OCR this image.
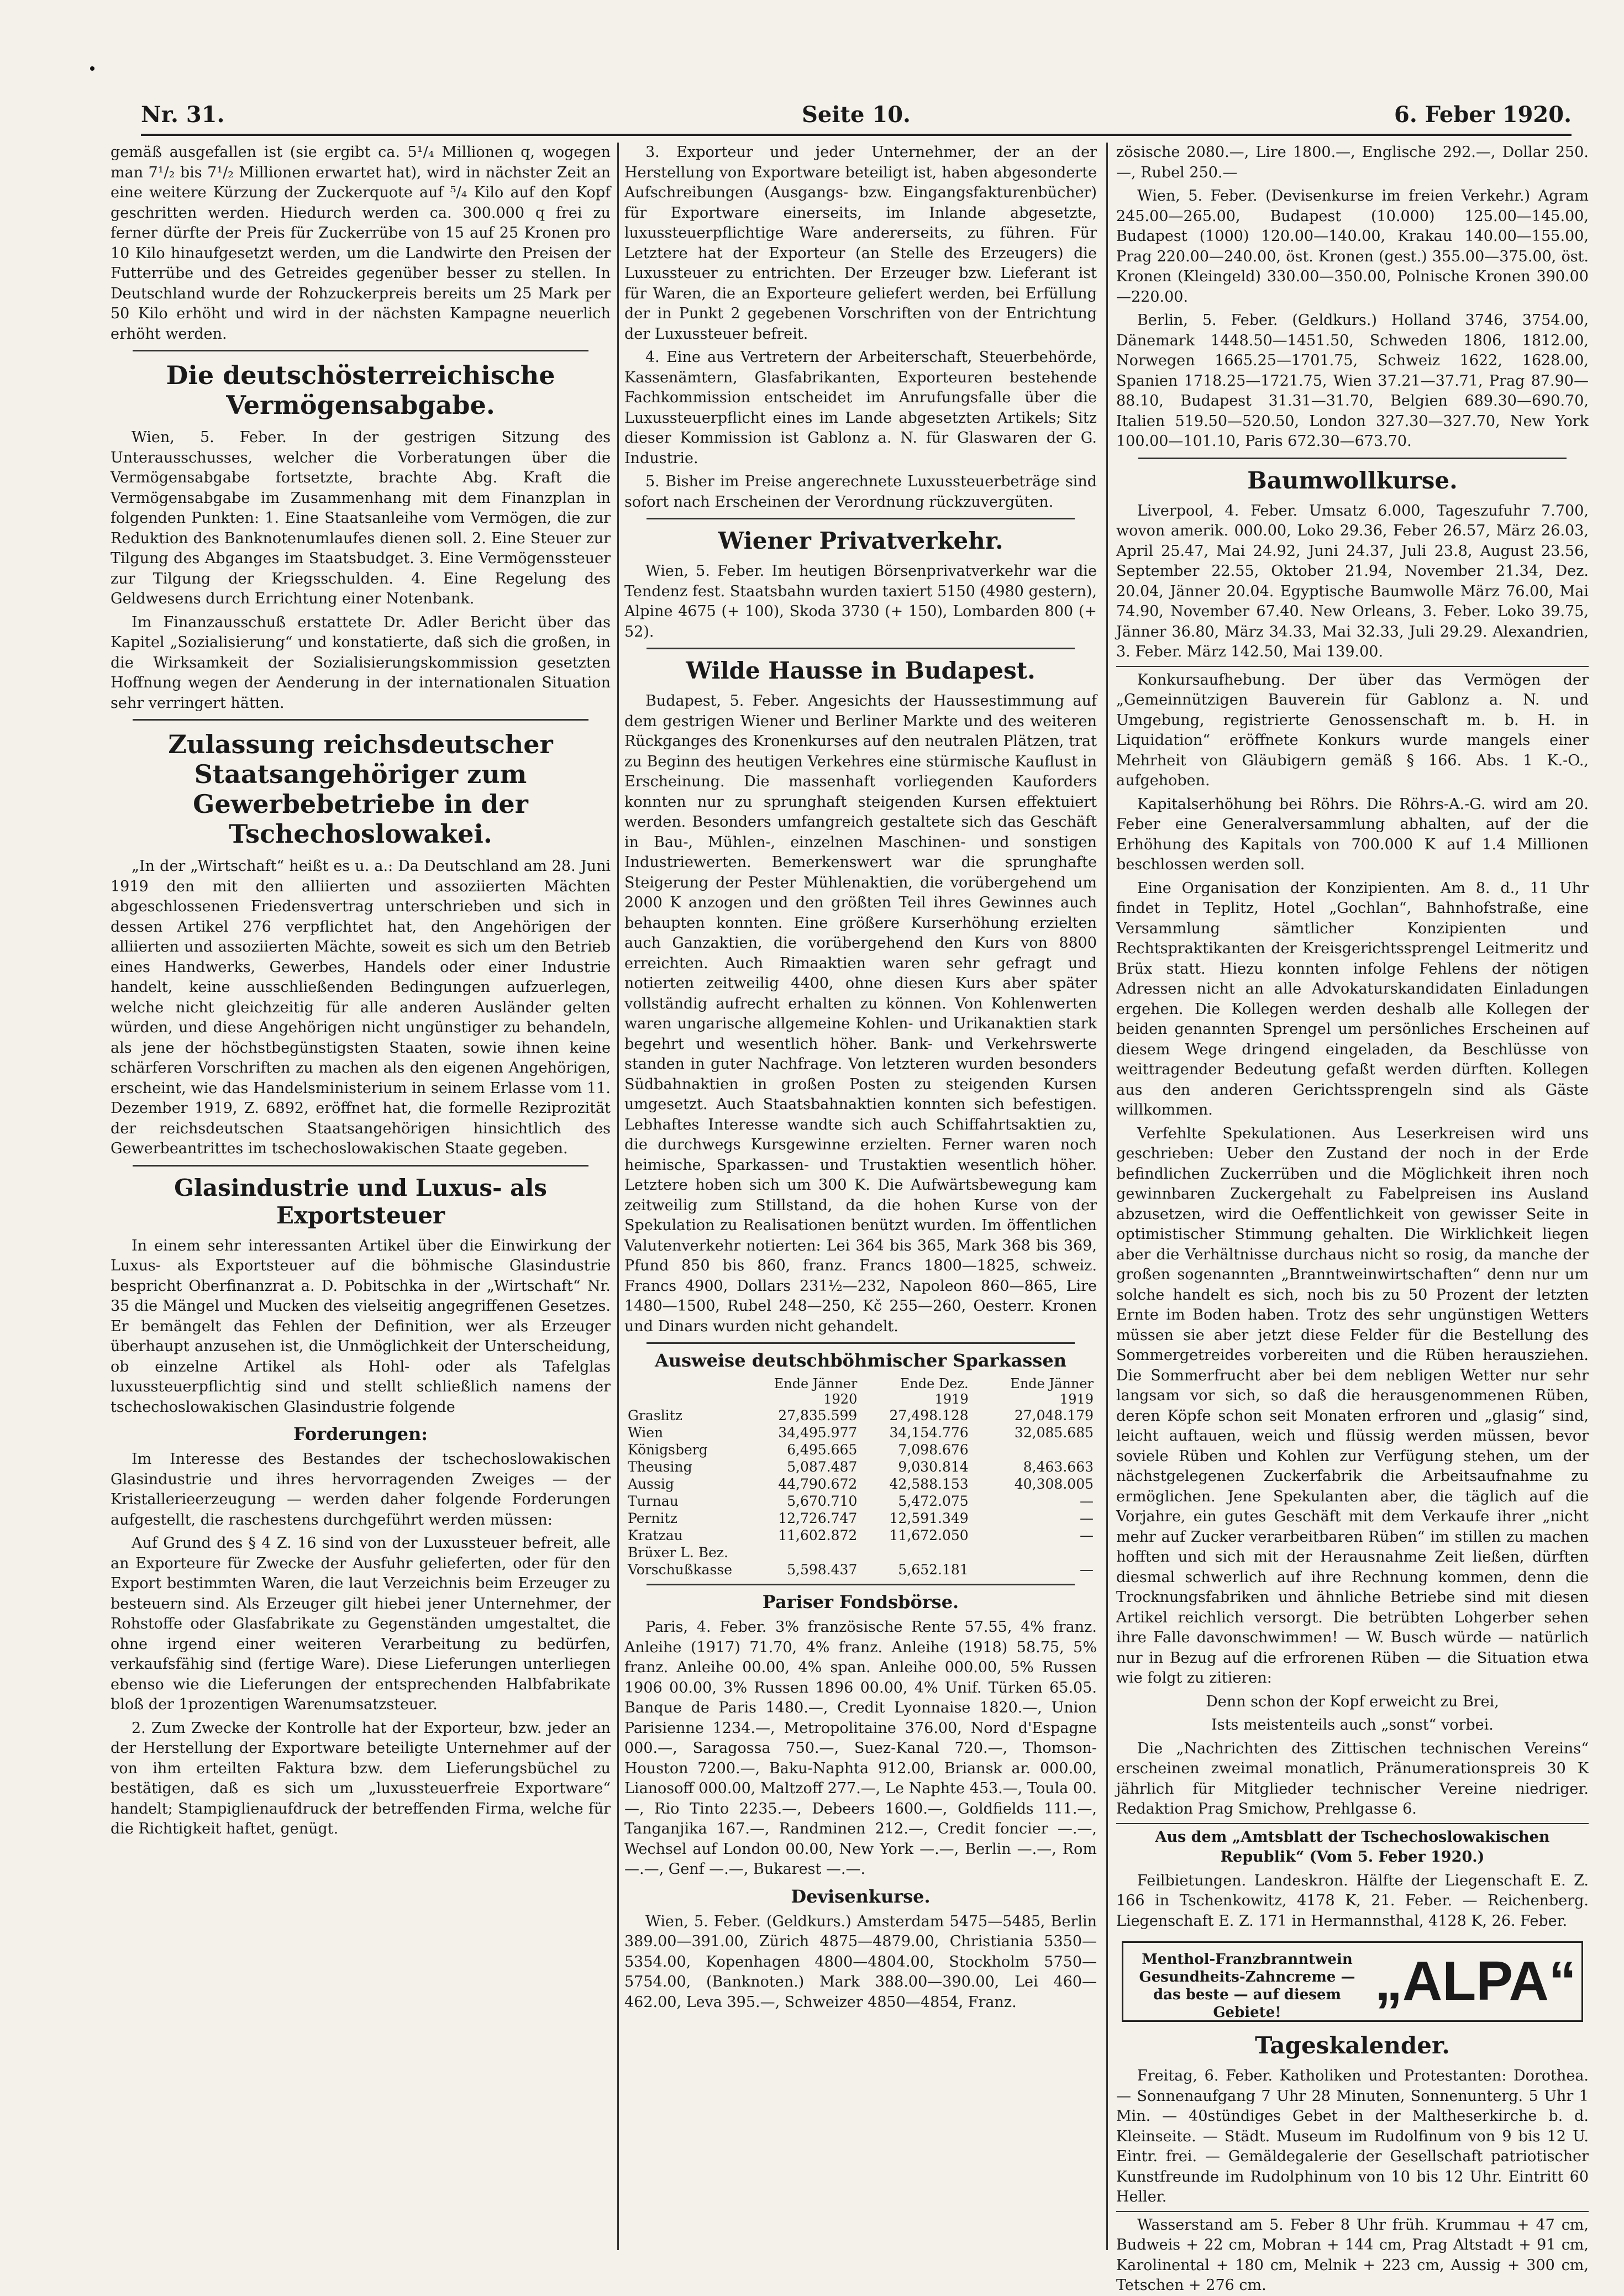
Nr. 31.	Seite 10.	6. Feber 1920.

gemäß ausgefallen ist (sie ergibt ca. 5¹/₄ Millionen q, wogegen man 7¹/₂ bis 7¹/₂ Millionen erwartet hat), wird in nächster Zeit an eine weitere Kürzung der Zuckerquote auf ⁵/₄ Kilo auf den Kopf geschritten werden. Hiedurch werden ca. 300.000 q frei zu ferner dürfte der Preis für Zuckerrübe von 15 auf 25 Kronen pro 10 Kilo hinaufgesetzt werden, um die Landwirte den Preisen der Futterrübe und des Getreides gegenüber besser zu stellen. In Deutschland wurde der Rohzuckerpreis bereits um 25 Mark per 50 Kilo erhöht und wird in der nächsten Kampagne neuerlich erhöht werden.

Die deutschösterreichische Vermögensabgabe.

Wien, 5. Feber. In der gestrigen Sitzung des Unterausschusses, welcher die Vorberatungen über die Vermögensabgabe fortsetzte, brachte Abg. Kraft die Vermögensabgabe im Zusammenhang mit dem Finanzplan in folgenden Punkten: 1. Eine Staatsanleihe vom Vermögen, die zur Reduktion des Banknotenumlaufes dienen soll. 2. Eine Steuer zur Tilgung des Abganges im Staatsbudget. 3. Eine Vermögenssteuer zur Tilgung der Kriegsschulden. 4. Eine Regelung des Geldwesens durch Errichtung einer Notenbank.

Im Finanzausschuß erstattete Dr. Adler Bericht über das Kapitel „Sozialisierung“ und konstatierte, daß sich die großen, in die Wirksamkeit der Sozialisierungskommission gesetzten Hoffnung wegen der Aenderung in der internationalen Situation sehr verringert hätten.

Zulassung reichsdeutscher Staatsangehöriger zum Gewerbebetriebe in der Tschechoslowakei.

„In der „Wirtschaft“ heißt es u. a.: Da Deutschland am 28. Juni 1919 den mit den alliierten und assoziierten Mächten abgeschlossenen Friedensvertrag unterschrieben und sich in dessen Artikel 276 verpflichtet hat, den Angehörigen der alliierten und assoziierten Mächte, soweit es sich um den Betrieb eines Handwerks, Gewerbes, Handels oder einer Industrie handelt, keine ausschließenden Bedingungen aufzuerlegen, welche nicht gleichzeitig für alle anderen Ausländer gelten würden, und diese Angehörigen nicht ungünstiger zu behandeln, als jene der höchstbegünstigsten Staaten, sowie ihnen keine schärferen Vorschriften zu machen als den eigenen Angehörigen, erscheint, wie das Handelsministerium in seinem Erlasse vom 11. Dezember 1919, Z. 6892, eröffnet hat, die formelle Reziprozität der reichsdeutschen Staatsangehörigen hinsichtlich des Gewerbeantrittes im tschechoslowakischen Staate gegeben.

Glasindustrie und Luxus- als Exportsteuer

In einem sehr interessanten Artikel über die Einwirkung der Luxus- als Exportsteuer auf die böhmische Glasindustrie bespricht Oberfinanzrat a. D. Pobitschka in der „Wirtschaft“ Nr. 35 die Mängel und Mucken des vielseitig angegriffenen Gesetzes. Er bemängelt das Fehlen der Definition, wer als Erzeuger überhaupt anzusehen ist, die Unmöglichkeit der Unterscheidung, ob einzelne Artikel als Hohl- oder als Tafelglas luxussteuerpflichtig sind und stellt schließlich namens der tschechoslowakischen Glasindustrie folgende

Forderungen:

Im Interesse des Bestandes der tschechoslowakischen Glasindustrie und ihres hervorragenden Zweiges — der Kristallerieerzeugung — werden daher folgende Forderungen aufgestellt, die raschestens durchgeführt werden müssen:

Auf Grund des § 4 Z. 16 sind von der Luxussteuer befreit, alle an Exporteure für Zwecke der Ausfuhr gelieferten, oder für den Export bestimmten Waren, die laut Verzeichnis beim Erzeuger zu besteuern sind. Als Erzeuger gilt hiebei jener Unternehmer, der Rohstoffe oder Glasfabrikate zu Gegenständen umgestaltet, die ohne irgend einer weiteren Verarbeitung zu bedürfen, verkaufsfähig sind (fertige Ware). Diese Lieferungen unterliegen ebenso wie die Lieferungen der entsprechenden Halbfabrikate bloß der 1prozentigen Warenumsatzsteuer.

2. Zum Zwecke der Kontrolle hat der Exporteur, bzw. jeder an der Herstellung der Exportware beteiligte Unternehmer auf der von ihm erteilten Faktura bzw. dem Lieferungsbüchel zu bestätigen, daß es sich um „luxussteuerfreie Exportware“ handelt; Stampiglienaufdruck der betreffenden Firma, welche für die Richtigkeit haftet, genügt.

3. Exporteur und jeder Unternehmer, der an der Herstellung von Exportware beteiligt ist, haben abgesonderte Aufschreibungen (Ausgangs- bzw. Eingangsfakturenbücher) für Exportware einerseits, im Inlande abgesetzte, luxussteuerpflichtige Ware andererseits, zu führen. Für Letztere hat der Exporteur (an Stelle des Erzeugers) die Luxussteuer zu entrichten. Der Erzeuger bzw. Lieferant ist für Waren, die an Exporteure geliefert werden, bei Erfüllung der in Punkt 2 gegebenen Vorschriften von der Entrichtung der Luxussteuer befreit.

4. Eine aus Vertretern der Arbeiterschaft, Steuerbehörde, Kassenämtern, Glasfabrikanten, Exporteuren bestehende Fachkommission entscheidet im Anrufungsfalle über die Luxussteuerpflicht eines im Lande abgesetzten Artikels; Sitz dieser Kommission ist Gablonz a. N. für Glaswaren der G. Industrie.

5. Bisher im Preise angerechnete Luxussteuerbeträge sind sofort nach Erscheinen der Verordnung rückzuvergüten.

Wiener Privatverkehr.

Wien, 5. Feber. Im heutigen Börsenprivatverkehr war die Tendenz fest. Staatsbahn wurden taxiert 5150 (4980 gestern), Alpine 4675 (+ 100), Skoda 3730 (+ 150), Lombarden 800 (+ 52).

Wilde Hausse in Budapest.

Budapest, 5. Feber. Angesichts der Haussestimmung auf dem gestrigen Wiener und Berliner Markte und des weiteren Rückganges des Kronenkurses auf den neutralen Plätzen, trat zu Beginn des heutigen Verkehres eine stürmische Kauflust in Erscheinung. Die massenhaft vorliegenden Kauforders konnten nur zu sprunghaft steigenden Kursen effektuiert werden. Besonders umfangreich gestaltete sich das Geschäft in Bau-, Mühlen-, einzelnen Maschinen- und sonstigen Industriewerten. Bemerkenswert war die sprunghafte Steigerung der Pester Mühlenaktien, die vorübergehend um 2000 K anzogen und den größten Teil ihres Gewinnes auch behaupten konnten. Eine größere Kurserhöhung erzielten auch Ganzaktien, die vorübergehend den Kurs von 8800 erreichten. Auch Rimaaktien waren sehr gefragt und notierten zeitweilig 4400, ohne diesen Kurs aber später vollständig aufrecht erhalten zu können. Von Kohlenwerten waren ungarische allgemeine Kohlen- und Urikanaktien stark begehrt und wesentlich höher. Bank- und Verkehrswerte standen in guter Nachfrage. Von letzteren wurden besonders Südbahnaktien in großen Posten zu steigenden Kursen umgesetzt. Auch Staatsbahnaktien konnten sich befestigen. Lebhaftes Interesse wandte sich auch Schiffahrtsaktien zu, die durchwegs Kursgewinne erzielten. Ferner waren noch heimische, Sparkassen- und Trustaktien wesentlich höher. Letztere hoben sich um 300 K. Die Aufwärtsbewegung kam zeitweilig zum Stillstand, da die hohen Kurse von der Spekulation zu Realisationen benützt wurden. Im öffentlichen Valutenverkehr notierten: Lei 364 bis 365, Mark 368 bis 369, Pfund 850 bis 860, franz. Francs 1800—1825, schweiz. Francs 4900, Dollars 231½—232, Napoleon 860—865, Lire 1480—1500, Rubel 248—250, Kč 255—260, Oesterr. Kronen und Dinars wurden nicht gehandelt.

Ausweise deutschböhmischer Sparkassen
	Ende Jänner 1920	Ende Dez. 1919	Ende Jänner 1919
Graslitz	27,835.599	27,498.128	27,048.179
Wien	34,495.977	34,154.776	32,085.685
Königsberg	6,495.665	7,098.676	
Theusing	5,087.487	9,030.814	8,463.663
Aussig	44,790.672	42,588.153	40,308.005
Turnau	5,670.710	5,472.075	—
Pernitz	12,726.747	12,591.349	—
Kratzau	11,602.872	11,672.050	—
Brüxer L. Bez.			
Vorschußkasse	5,598.437	5,652.181	—
Pariser Fondsbörse.

Paris, 4. Feber. 3% französische Rente 57.55, 4% franz. Anleihe (1917) 71.70, 4% franz. Anleihe (1918) 58.75, 5% franz. Anleihe 00.00, 4% span. Anleihe 000.00, 5% Russen 1906 00.00, 3% Russen 1896 00.00, 4% Unif. Türken 65.05. Banque de Paris 1480.—, Credit Lyonnaise 1820.—, Union Parisienne 1234.—, Metropolitaine 376.00, Nord d'Espagne 000.—, Saragossa 750.—, Suez-Kanal 720.—, Thomson-Houston 7200.—, Baku-Naphta 912.00, Briansk ar. 000.00, Lianosoff 000.00, Maltzoff 277.—, Le Naphte 453.—, Toula 00.—, Rio Tinto 2235.—, Debeers 1600.—, Goldfields 111.—, Tanganjika 167.—, Randminen 212.—, Credit foncier —.—, Wechsel auf London 00.00, New York —.—, Berlin —.—, Rom —.—, Genf —.—, Bukarest —.—.

Devisenkurse.

Wien, 5. Feber. (Geldkurs.) Amsterdam 5475—5485, Berlin 389.00—391.00, Zürich 4875—4879.00, Christiania 5350—5354.00, Kopenhagen 4800—4804.00, Stockholm 5750—5754.00, (Banknoten.) Mark 388.00—390.00, Lei 460—462.00, Leva 395.—, Schweizer 4850—4854, Franz.

zösische 2080.—, Lire 1800.—, Englische 292.—, Dollar 250.—, Rubel 250.—

Wien, 5. Feber. (Devisenkurse im freien Verkehr.) Agram 245.00—265.00, Budapest (10.000) 125.00—145.00, Budapest (1000) 120.00—140.00, Krakau 140.00—155.00, Prag 220.00—240.00, öst. Kronen (gest.) 355.00—375.00, öst. Kronen (Kleingeld) 330.00—350.00, Polnische Kronen 390.00—220.00.

Berlin, 5. Feber. (Geldkurs.) Holland 3746, 3754.00, Dänemark 1448.50—1451.50, Schweden 1806, 1812.00, Norwegen 1665.25—1701.75, Schweiz 1622, 1628.00, Spanien 1718.25—1721.75, Wien 37.21—37.71, Prag 87.90—88.10, Budapest 31.31—31.70, Belgien 689.30—690.70, Italien 519.50—520.50, London 327.30—327.70, New York 100.00—101.10, Paris 672.30—673.70.

Baumwollkurse.

Liverpool, 4. Feber. Umsatz 6.000, Tageszufuhr 7.700, wovon amerik. 000.00, Loko 29.36, Feber 26.57, März 26.03, April 25.47, Mai 24.92, Juni 24.37, Juli 23.8, August 23.56, September 22.55, Oktober 21.94, November 21.34, Dez. 20.04, Jänner 20.04. Egyptische Baumwolle März 76.00, Mai 74.90, November 67.40. New Orleans, 3. Feber. Loko 39.75, Jänner 36.80, März 34.33, Mai 32.33, Juli 29.29. Alexandrien, 3. Feber. März 142.50, Mai 139.00.

Konkursaufhebung. Der über das Vermögen der „Gemeinnützigen Bauverein für Gablonz a. N. und Umgebung, registrierte Genossenschaft m. b. H. in Liquidation“ eröffnete Konkurs wurde mangels einer Mehrheit von Gläubigern gemäß § 166. Abs. 1 K.-O., aufgehoben.

Kapitalserhöhung bei Röhrs. Die Röhrs-A.-G. wird am 20. Feber eine Generalversammlung abhalten, auf der die Erhöhung des Kapitals von 700.000 K auf 1.4 Millionen beschlossen werden soll.

Eine Organisation der Konzipienten. Am 8. d., 11 Uhr findet in Teplitz, Hotel „Gochlan“, Bahnhofstraße, eine Versammlung sämtlicher Konzipienten und Rechtspraktikanten der Kreisgerichtssprengel Leitmeritz und Brüx statt. Hiezu konnten infolge Fehlens der nötigen Adressen nicht an alle Advokaturskandidaten Einladungen ergehen. Die Kollegen werden deshalb alle Kollegen der beiden genannten Sprengel um persönliches Erscheinen auf diesem Wege dringend eingeladen, da Beschlüsse von weittragender Bedeutung gefaßt werden dürften. Kollegen aus den anderen Gerichtssprengeln sind als Gäste willkommen.

Verfehlte Spekulationen. Aus Leserkreisen wird uns geschrieben: Ueber den Zustand der noch in der Erde befindlichen Zuckerrüben und die Möglichkeit ihren noch gewinnbaren Zuckergehalt zu Fabelpreisen ins Ausland abzusetzen, wird die Oeffentlichkeit von gewisser Seite in optimistischer Stimmung gehalten. Die Wirklichkeit liegen aber die Verhältnisse durchaus nicht so rosig, da manche der großen sogenannten „Branntweinwirtschaften“ denn nur um solche handelt es sich, noch bis zu 50 Prozent der letzten Ernte im Boden haben. Trotz des sehr ungünstigen Wetters müssen sie aber jetzt diese Felder für die Bestellung des Sommergetreides vorbereiten und die Rüben herausziehen. Die Sommerfrucht aber bei dem nebligen Wetter nur sehr langsam vor sich, so daß die herausgenommenen Rüben, deren Köpfe schon seit Monaten erfroren und „glasig“ sind, leicht auftauen, weich und flüssig werden müssen, bevor soviele Rüben und Kohlen zur Verfügung stehen, um der nächstgelegenen Zuckerfabrik die Arbeitsaufnahme zu ermöglichen. Jene Spekulanten aber, die täglich auf die Vorjahre, ein gutes Geschäft mit dem Verkaufe ihrer „nicht mehr auf Zucker verarbeitbaren Rüben“ im stillen zu machen hofften und sich mit der Herausnahme Zeit ließen, dürften diesmal schwerlich auf ihre Rechnung kommen, denn die Trocknungsfabriken und ähnliche Betriebe sind mit diesen Artikel reichlich versorgt. Die betrübten Lohgerber sehen ihre Falle davonschwimmen! — W. Busch würde — natürlich nur in Bezug auf die erfrorenen Rüben — die Situation etwa wie folgt zu zitieren:

Denn schon der Kopf erweicht zu Brei,

Ists meistenteils auch „sonst“ vorbei.

Die „Nachrichten des Zittischen technischen Vereins“ erscheinen zweimal monatlich, Pränumerationspreis 30 K jährlich für Mitglieder technischer Vereine niedriger. Redaktion Prag Smichow, Prehlgasse 6.

Aus dem „Amtsblatt der Tschechoslowakischen Republik“ (Vom 5. Feber 1920.)

Feilbietungen. Landeskron. Hälfte der Liegenschaft E. Z. 166 in Tschenkowitz, 4178 K, 21. Feber. — Reichenberg. Liegenschaft E. Z. 171 in Hermannsthal, 4128 K, 26. Feber.

Menthol-Franzbranntwein Gesundheits-Zahncreme — das beste — auf diesem Gebiete!
„ALPA“
Tageskalender.

Freitag, 6. Feber. Katholiken und Protestanten: Dorothea. — Sonnenaufgang 7 Uhr 28 Minuten, Sonnenunterg. 5 Uhr 1 Min. — 40stündiges Gebet in der Maltheserkirche b. d. Kleinseite. — Städt. Museum im Rudolfinum von 9 bis 12 U. Eintr. frei. — Gemäldegalerie der Gesellschaft patriotischer Kunstfreunde im Rudolphinum von 10 bis 12 Uhr. Eintritt 60 Heller.

Wasserstand am 5. Feber 8 Uhr früh. Krummau + 47 cm, Budweis + 22 cm, Mobran + 144 cm, Prag Altstadt + 91 cm, Karolinental + 180 cm, Melnik + 223 cm, Aussig + 300 cm, Tetschen + 276 cm.
